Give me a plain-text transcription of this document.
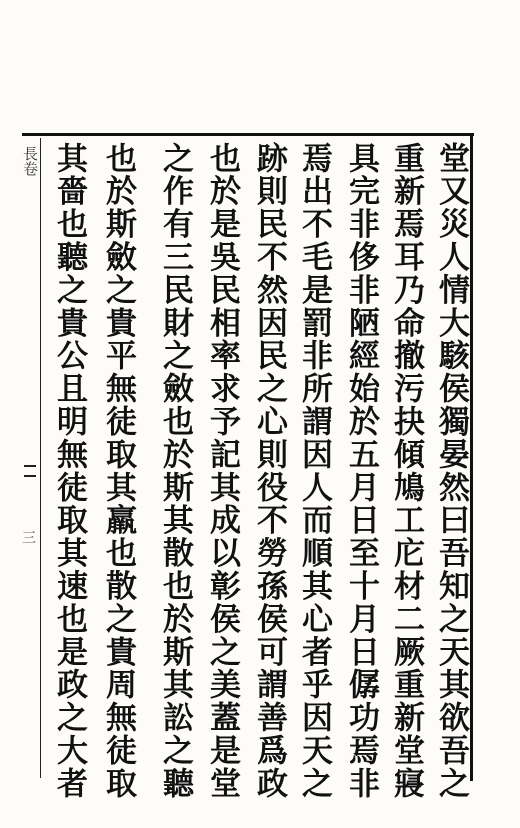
堂又災人情大駭侯獨晏然曰吾知之天其欲吾之
重新焉耳乃命撤污抉傾鳩工庀材二厥重新堂寢
具完非侈非陋經始於五月日至十月日僝功焉非
焉出不毛是罰非所謂因人而順其心者乎因天之
跡則民不然因民之心則役不勞孫侯可謂善爲政
也於是吳民相率求予記其成以彰侯之美蓋是堂
之作有三民財之斂也於斯其散也於斯其訟之聽
也於斯斂之貴平無徒取其羸也散之貴周無徒取
其嗇也聽之貴公且明無徒取其速也是政之大者
長卷
三
